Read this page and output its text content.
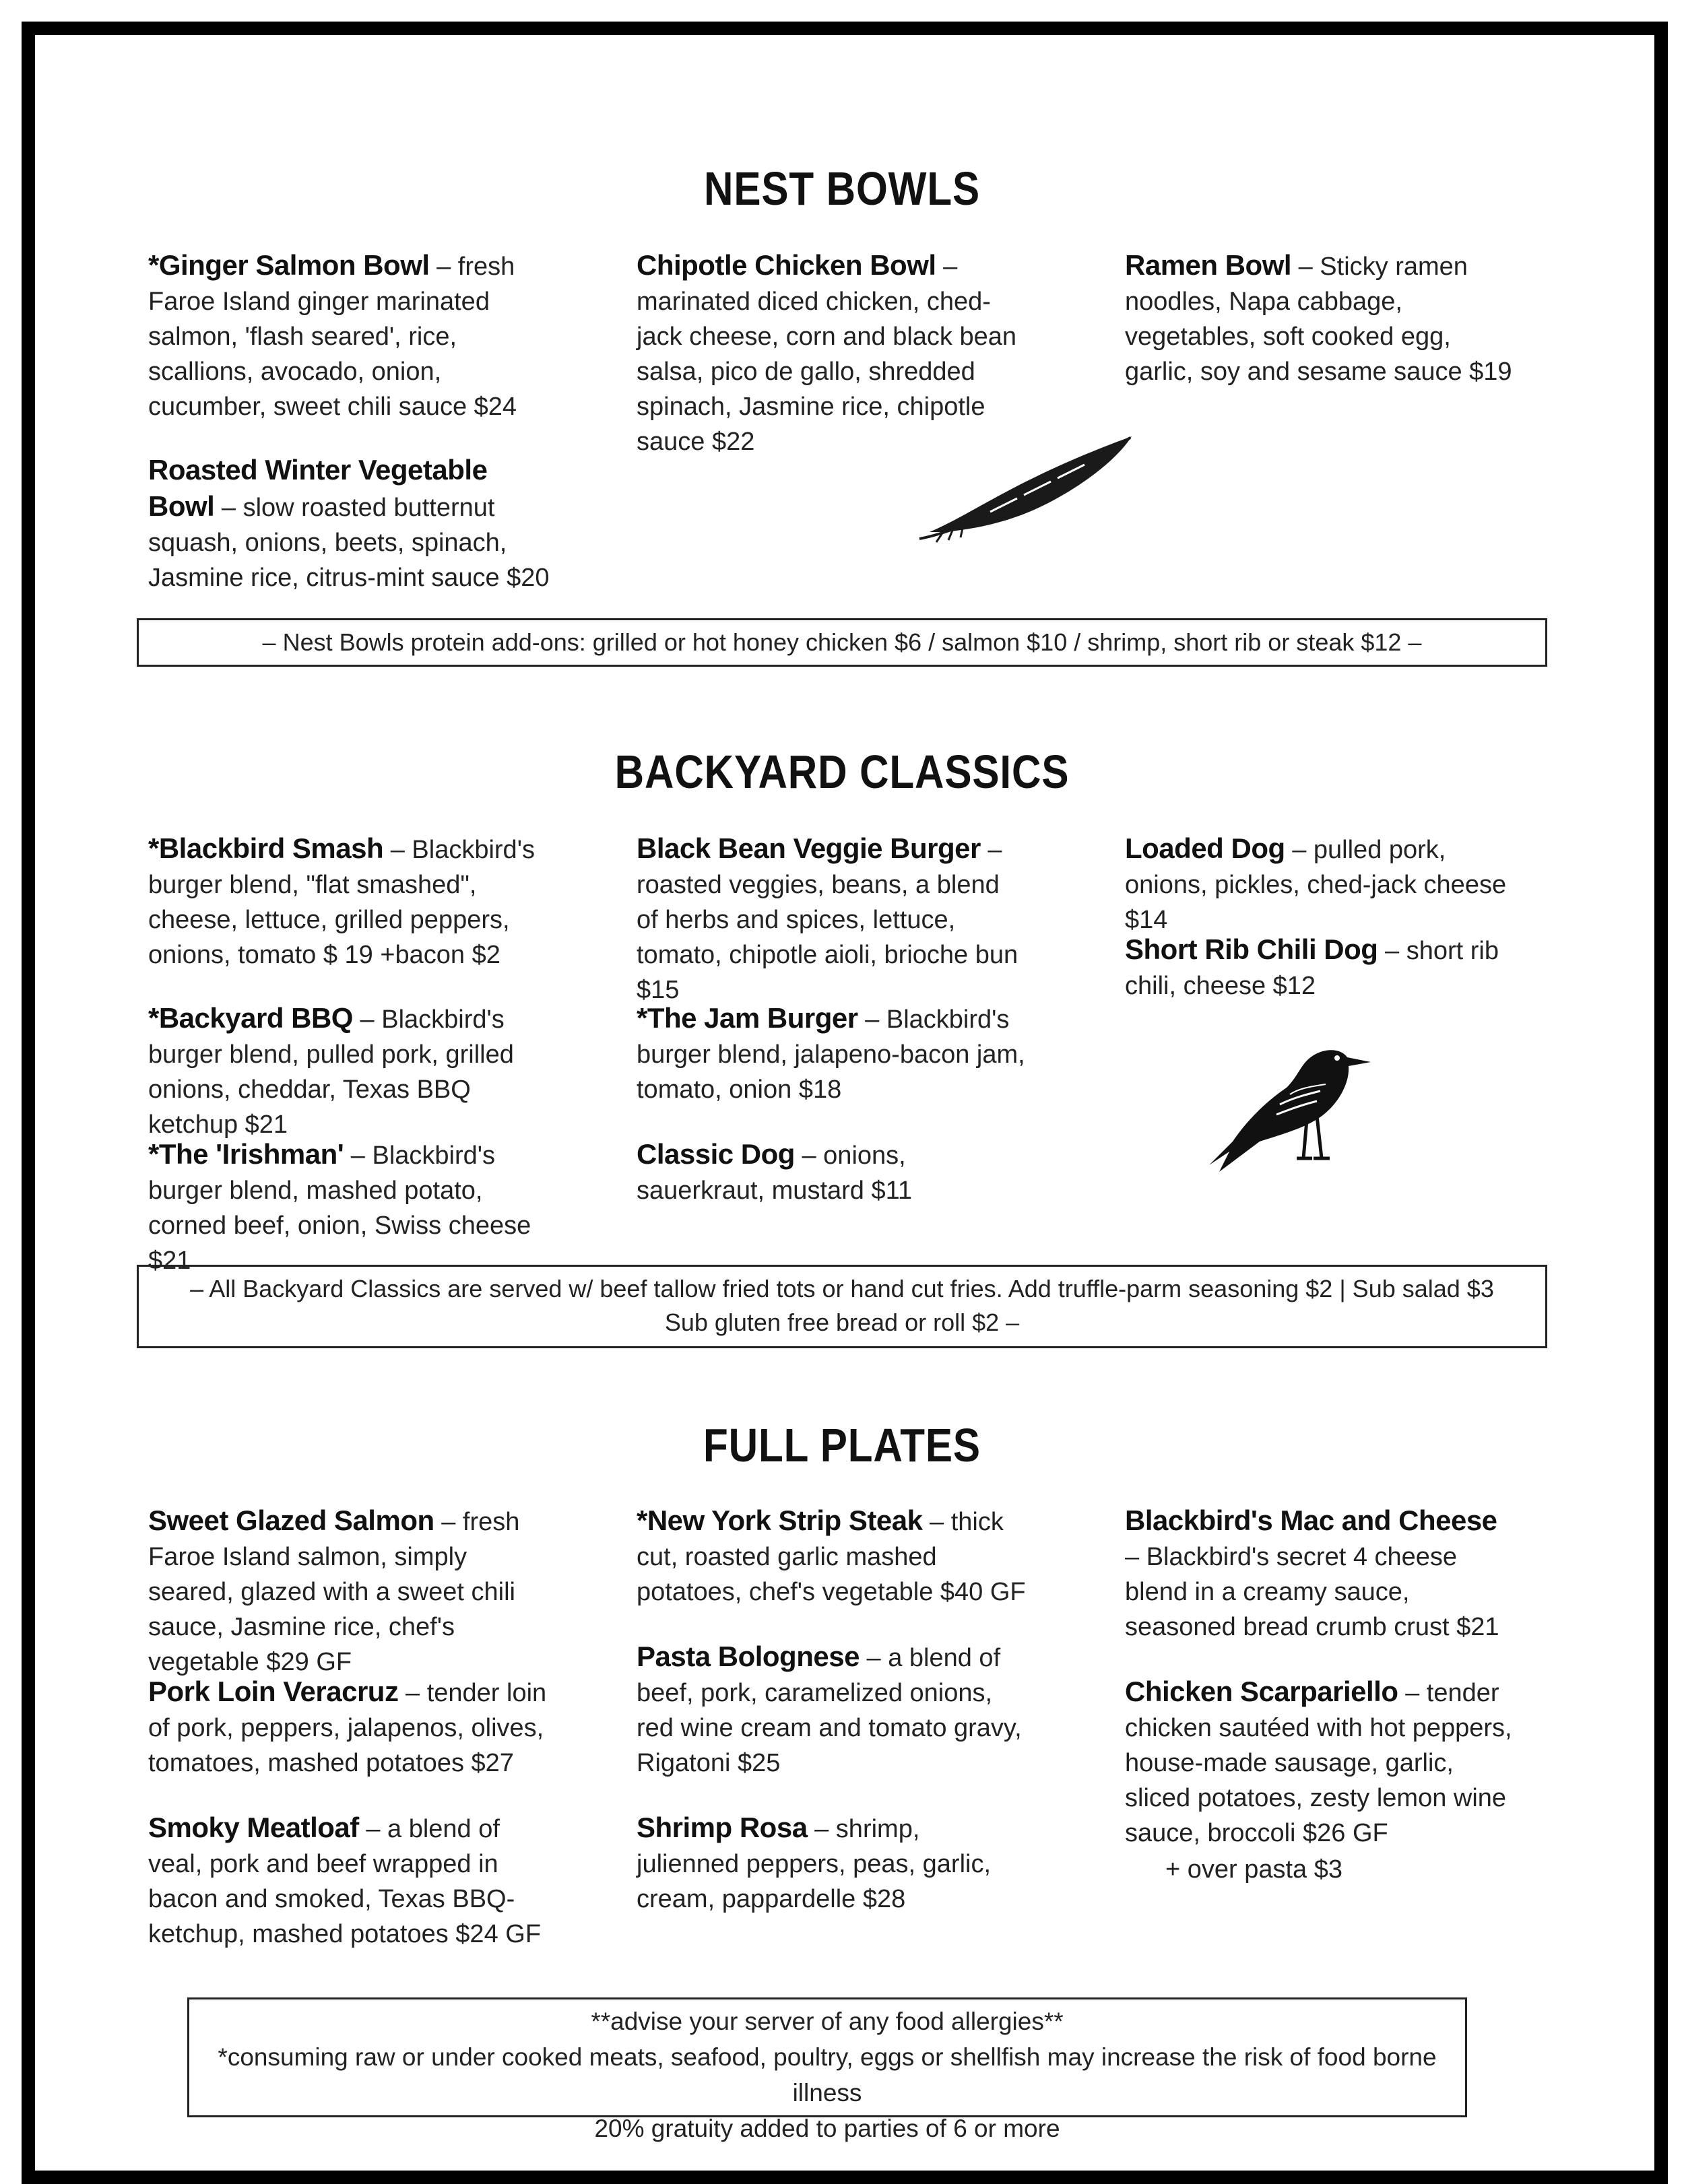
NEST BOWLS
*Ginger Salmon Bowl – fresh Faroe Island ginger marinated salmon, 'flash seared', rice, scallions, avocado, onion, cucumber, sweet chili sauce $24
Chipotle Chicken Bowl – marinated diced chicken, ched-jack cheese, corn and black bean salsa, pico de gallo, shredded spinach, Jasmine rice, chipotle sauce $22
Ramen Bowl – Sticky ramen noodles, Napa cabbage, vegetables, soft cooked egg, garlic, soy and sesame sauce $19
Roasted Winter Vegetable Bowl – slow roasted butternut squash, onions, beets, spinach, Jasmine rice, citrus-mint sauce $20
– Nest Bowls protein add-ons: grilled or hot honey chicken $6 / salmon $10 / shrimp, short rib or steak $12 –
BACKYARD CLASSICS
*Blackbird Smash – Blackbird's burger blend, "flat smashed", cheese, lettuce, grilled peppers, onions, tomato $ 19 +bacon $2
Black Bean Veggie Burger – roasted veggies, beans, a blend of herbs and spices, lettuce, tomato, chipotle aioli, brioche bun $15
Loaded Dog – pulled pork, onions, pickles, ched-jack cheese $14
*Backyard BBQ – Blackbird's burger blend, pulled pork, grilled onions, cheddar, Texas BBQ ketchup $21
*The Jam Burger – Blackbird's burger blend, jalapeno-bacon jam, tomato, onion $18
Short Rib Chili Dog – short rib chili, cheese $12
*The 'Irishman' – Blackbird's burger blend, mashed potato, corned beef, onion, Swiss cheese $21
Classic Dog – onions, sauerkraut, mustard $11
– All Backyard Classics are served w/ beef tallow fried tots or hand cut fries. Add truffle-parm seasoning $2 | Sub salad $3
Sub gluten free bread or roll $2 –
FULL PLATES
Sweet Glazed Salmon – fresh Faroe Island salmon, simply seared, glazed with a sweet chili sauce, Jasmine rice, chef's vegetable $29 GF
*New York Strip Steak – thick cut, roasted garlic mashed potatoes, chef's vegetable $40 GF
Blackbird's Mac and Cheese – Blackbird's secret 4 cheese blend in a creamy sauce, seasoned bread crumb crust $21
Pork Loin Veracruz – tender loin of pork, peppers, jalapenos, olives, tomatoes, mashed potatoes $27
Pasta Bolognese – a blend of beef, pork, caramelized onions, red wine cream and tomato gravy, Rigatoni $25
Chicken Scarpariello – tender chicken sautéed with hot peppers, house-made sausage, garlic, sliced potatoes, zesty lemon wine sauce, broccoli $26 GF
+ over pasta $3
Smoky Meatloaf – a blend of veal, pork and beef wrapped in bacon and smoked, Texas BBQ-ketchup, mashed potatoes $24 GF
Shrimp Rosa – shrimp, julienned peppers, peas, garlic, cream, pappardelle $28
**advise your server of any food allergies**
*consuming raw or under cooked meats, seafood, poultry, eggs or shellfish may increase the risk of food borne illness
20% gratuity added to parties of 6 or more
